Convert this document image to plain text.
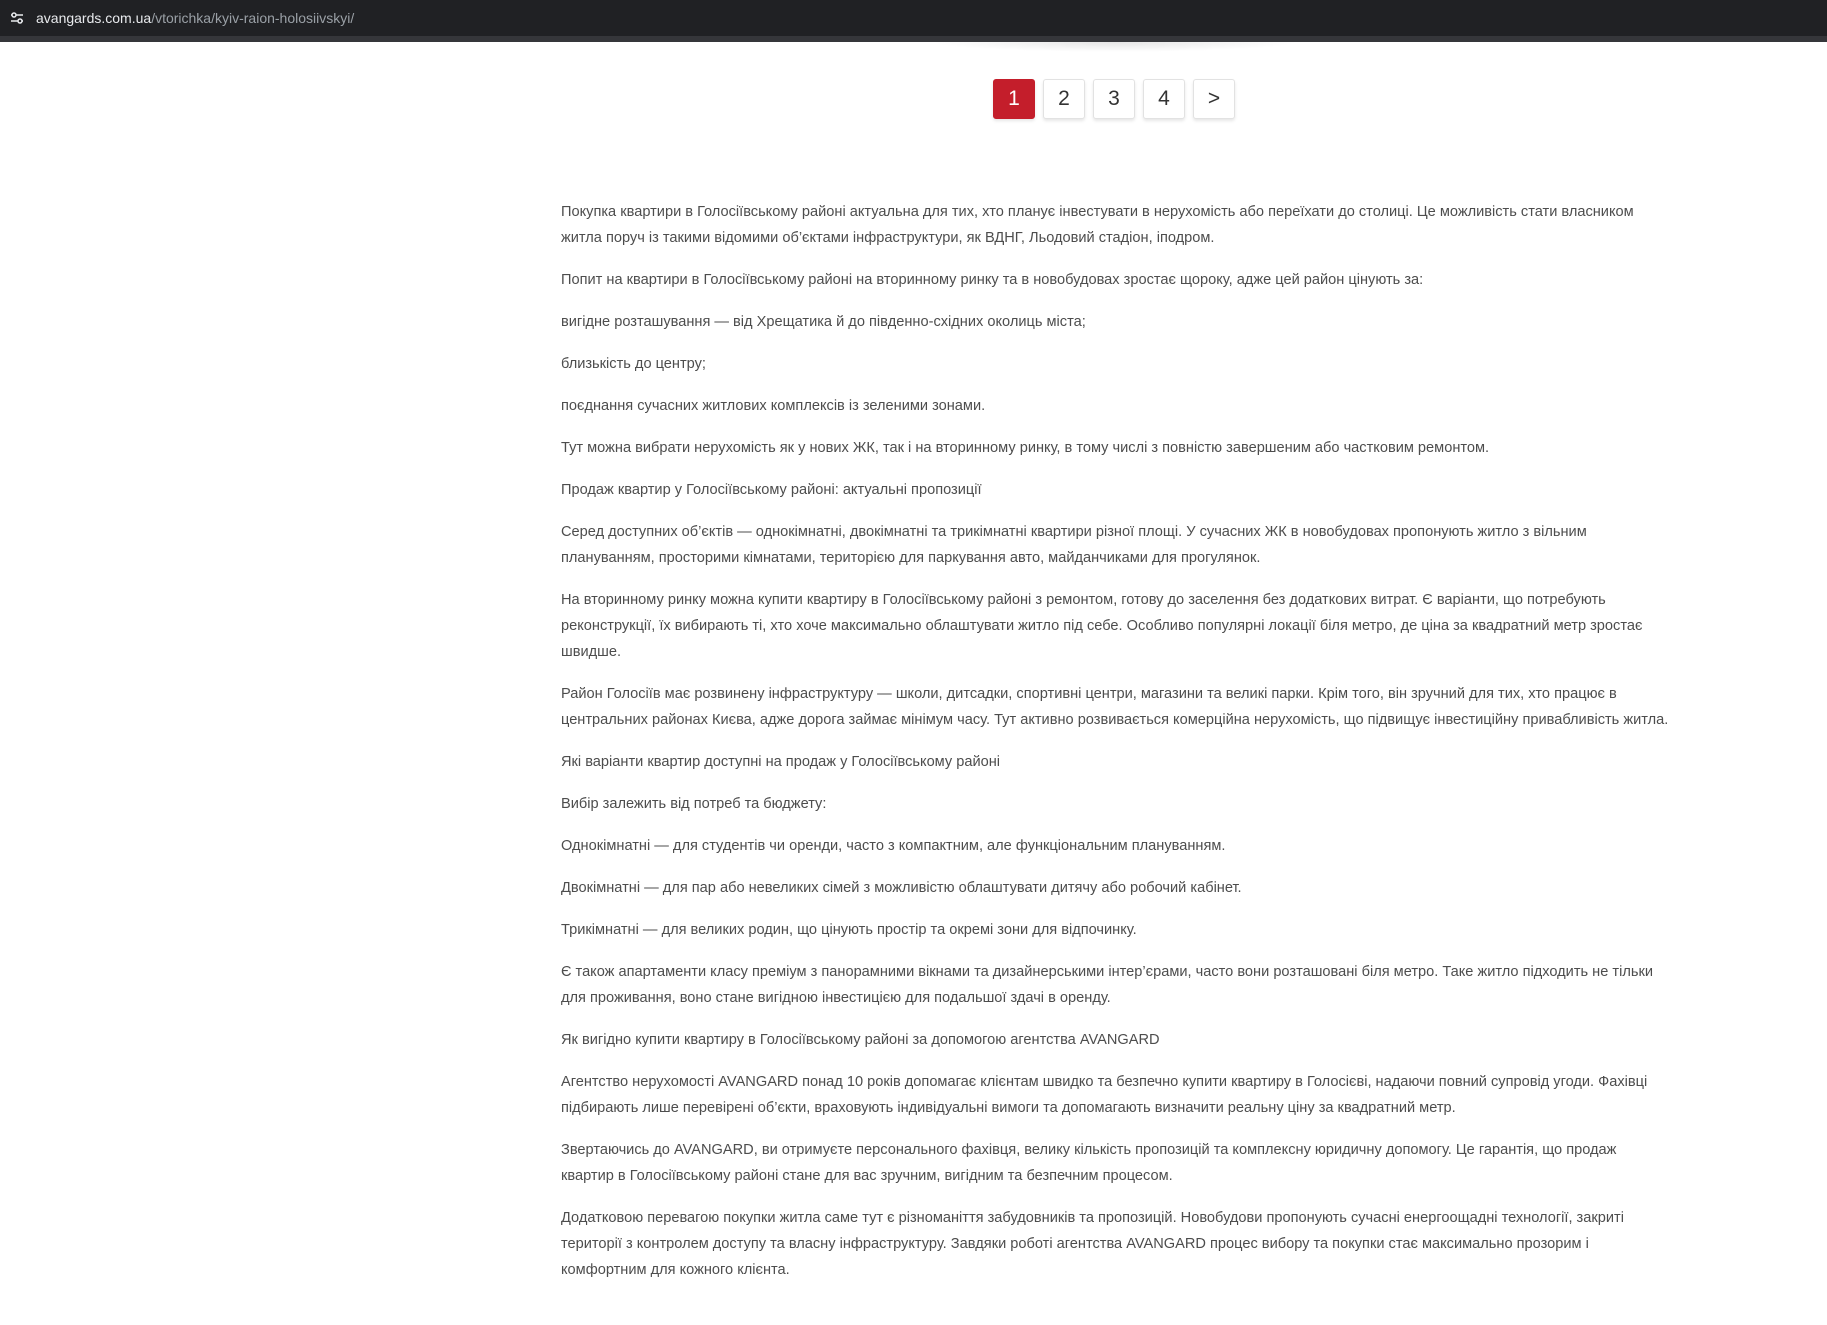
avangards.com.ua/vtorichka/kyiv-raion-holosiivskyi/
1	2	3	4	>

Покупка квартири в Голосіївському районі актуальна для тих, хто планує інвестувати в нерухомість або переїхати до столиці. Це можливість стати власником житла поруч із такими відомими об’єктами інфраструктури, як ВДНГ, Льодовий стадіон, іподром.

Попит на квартири в Голосіївському районі на вторинному ринку та в новобудовах зростає щороку, адже цей район цінують за:

вигідне розташування — від Хрещатика й до південно-східних околиць міста;

близькість до центру;

поєднання сучасних житлових комплексів із зеленими зонами.

Тут можна вибрати нерухомість як у нових ЖК, так і на вторинному ринку, в тому числі з повністю завершеним або частковим ремонтом.

Продаж квартир у Голосіївському районі: актуальні пропозиції

Серед доступних об’єктів — однокімнатні, двокімнатні та трикімнатні квартири різної площі. У сучасних ЖК в новобудовах пропонують житло з вільним плануванням, просторими кімнатами, територією для паркування авто, майданчиками для прогулянок.

На вторинному ринку можна купити квартиру в Голосіївському районі з ремонтом, готову до заселення без додаткових витрат. Є варіанти, що потребують реконструкції, їх вибирають ті, хто хоче максимально облаштувати житло під себе. Особливо популярні локації біля метро, де ціна за квадратний метр зростає швидше.

Район Голосіїв має розвинену інфраструктуру — школи, дитсадки, спортивні центри, магазини та великі парки. Крім того, він зручний для тих, хто працює в центральних районах Києва, адже дорога займає мінімум часу. Тут активно розвивається комерційна нерухомість, що підвищує інвестиційну привабливість житла.

Які варіанти квартир доступні на продаж у Голосіївському районі

Вибір залежить від потреб та бюджету:

Однокімнатні — для студентів чи оренди, часто з компактним, але функціональним плануванням.

Двокімнатні — для пар або невеликих сімей з можливістю облаштувати дитячу або робочий кабінет.

Трикімнатні — для великих родин, що цінують простір та окремі зони для відпочинку.

Є також апартаменти класу преміум з панорамними вікнами та дизайнерськими інтер’єрами, часто вони розташовані біля метро. Таке житло підходить не тільки для проживання, воно стане вигідною інвестицією для подальшої здачі в оренду.

Як вигідно купити квартиру в Голосіївському районі за допомогою агентства AVANGARD

Агентство нерухомості AVANGARD понад 10 років допомагає клієнтам швидко та безпечно купити квартиру в Голосієві, надаючи повний супровід угоди. Фахівці підбирають лише перевірені об’єкти, враховують індивідуальні вимоги та допомагають визначити реальну ціну за квадратний метр.

Звертаючись до AVANGARD, ви отримуєте персонального фахівця, велику кількість пропозицій та комплексну юридичну допомогу. Це гарантія, що продаж квартир в Голосіївському районі стане для вас зручним, вигідним та безпечним процесом.

Додатковою перевагою покупки житла саме тут є різноманіття забудовників та пропозицій. Новобудови пропонують сучасні енергоощадні технології, закриті території з контролем доступу та власну інфраструктуру. Завдяки роботі агентства AVANGARD процес вибору та покупки стає максимально прозорим і комфортним для кожного клієнта.
